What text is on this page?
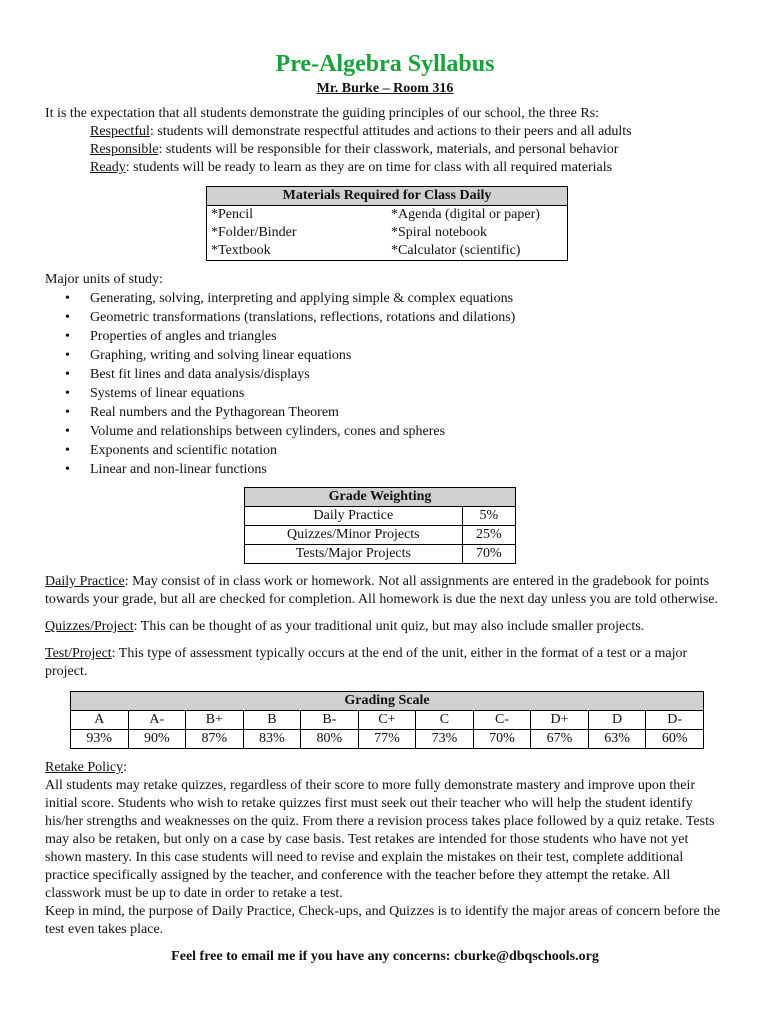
Pre-Algebra Syllabus
Mr. Burke – Room 316
It is the expectation that all students demonstrate the guiding principles of our school, the three Rs:
Respectful: students will demonstrate respectful attitudes and actions to their peers and all adults
Responsible: students will be responsible for their classwork, materials, and personal behavior
Ready: students will be ready to learn as they are on time for class with all required materials
Materials Required for Class Daily	
*Pencil	*Agenda (digital or paper)
*Folder/Binder	*Spiral notebook
*Textbook	*Calculator (scientific)
Major units of study:
• Generating, solving, interpreting and applying simple & complex equations
• Geometric transformations (translations, reflections, rotations and dilations)
• Properties of angles and triangles
• Graphing, writing and solving linear equations
• Best fit lines and data analysis/displays
• Systems of linear equations
• Real numbers and the Pythagorean Theorem
• Volume and relationships between cylinders, cones and spheres
• Exponents and scientific notation
• Linear and non-linear functions
Grade Weighting	
Daily Practice	5%
Quizzes/Minor Projects	25%
Tests/Major Projects	70%
Daily Practice: May consist of in class work or homework. Not all assignments are entered in the gradebook for points towards your grade, but all are checked for completion. All homework is due the next day unless you are told otherwise.
Quizzes/Project: This can be thought of as your traditional unit quiz, but may also include smaller projects.
Test/Project: This type of assessment typically occurs at the end of the unit, either in the format of a test or a major project.
Grading Scale										
A	A-	B+	B	B-	C+	C	C-	D+	D	D-
93%	90%	87%	83%	80%	77%	73%	70%	67%	63%	60%
Retake Policy:
All students may retake quizzes, regardless of their score to more fully demonstrate mastery and improve upon their initial score. Students who wish to retake quizzes first must seek out their teacher who will help the student identify his/her strengths and weaknesses on the quiz. From there a revision process takes place followed by a quiz retake. Tests may also be retaken, but only on a case by case basis. Test retakes are intended for those students who have not yet shown mastery. In this case students will need to revise and explain the mistakes on their test, complete additional practice specifically assigned by the teacher, and conference with the teacher before they attempt the retake. All classwork must be up to date in order to retake a test.
Keep in mind, the purpose of Daily Practice, Check-ups, and Quizzes is to identify the major areas of concern before the test even takes place.
Feel free to email me if you have any concerns: cburke@dbqschools.org
